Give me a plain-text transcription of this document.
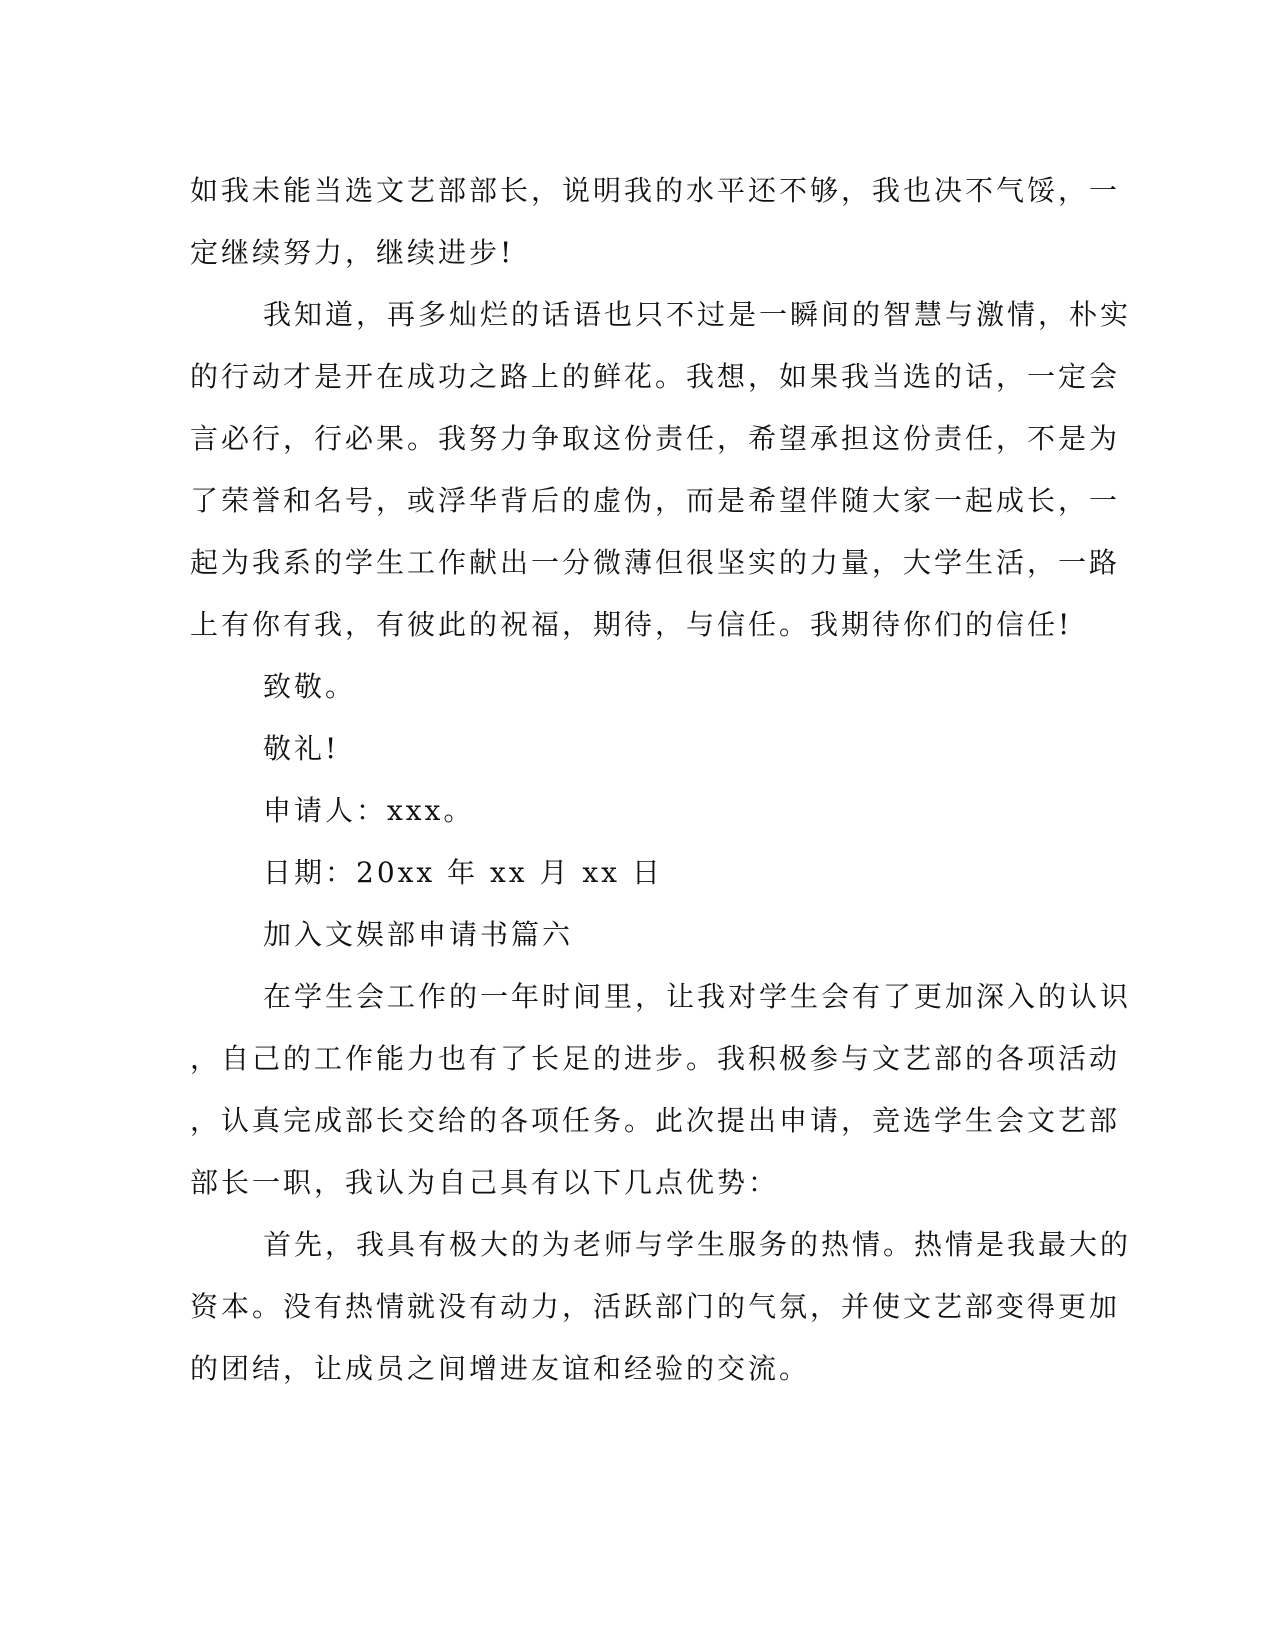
如我未能当选文艺部部长，说明我的水平还不够，我也决不气馁，一
定继续努力，继续进步!
我知道，再多灿烂的话语也只不过是一瞬间的智慧与激情，朴实
的行动才是开在成功之路上的鲜花。我想，如果我当选的话，一定会
言必行，行必果。我努力争取这份责任，希望承担这份责任，不是为
了荣誉和名号，或浮华背后的虚伪，而是希望伴随大家一起成长，一
起为我系的学生工作献出一分微薄但很坚实的力量，大学生活，一路
上有你有我，有彼此的祝福，期待，与信任。我期待你们的信任!
致敬。
敬礼!
申请人：xxx。
日期：20xx 年 xx 月 xx 日
加入文娱部申请书篇六
在学生会工作的一年时间里，让我对学生会有了更加深入的认识
，自己的工作能力也有了长足的进步。我积极参与文艺部的各项活动
，认真完成部长交给的各项任务。此次提出申请，竞选学生会文艺部
部长一职，我认为自己具有以下几点优势：
首先，我具有极大的为老师与学生服务的热情。热情是我最大的
资本。没有热情就没有动力，活跃部门的气氛，并使文艺部变得更加
的团结，让成员之间增进友谊和经验的交流。
